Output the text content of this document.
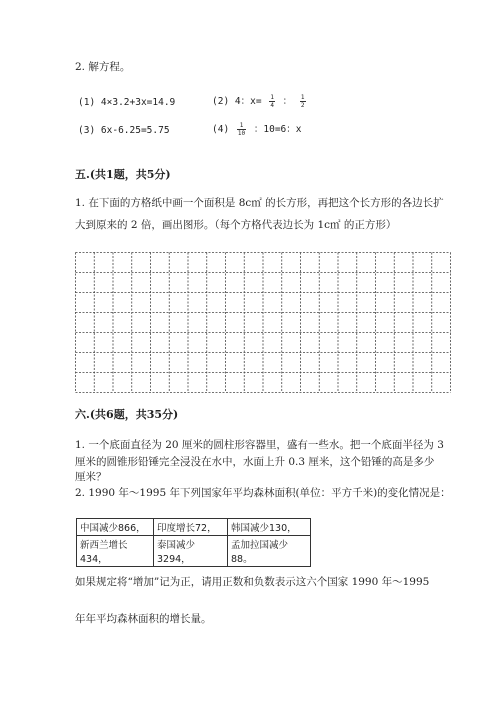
2. 解方程。
(1) 4×3.2+3x=14.9	(2) 4：$x= \frac{1}{4}$ ： $\frac{1}{2}$
(3) 6x-6.25=5.75	$(4) \frac{1}{10}$ ：10=6：x
五.(共1题，共5分)
1. 在下面的方格纸中画一个面积是 8c㎡ 的长方形，再把这个长方形的各边长扩
大到原来的 2 倍，画出图形。（每个方格代表边长为 1c㎡ 的正方形）
六.(共6题，共35分)
1. 一个底面直径为 20 厘米的圆柱形容器里，盛有一些水。把一个底面半径为 3
厘米的圆锥形铅锤完全浸没在水中，水面上升 0.3 厘米，这个铅锤的高是多少
厘米？
2. 1990 年～1995 年下列国家年平均森林面积(单位：平方千米)的变化情况是：
中国减少866，	印度增长72，	韩国减少130，
新西兰增长434，	泰国减少3294，	孟加拉国减少88。
如果规定将“增加”记为正，请用正数和负数表示这六个国家 1990 年～1995
年年平均森林面积的增长量。
